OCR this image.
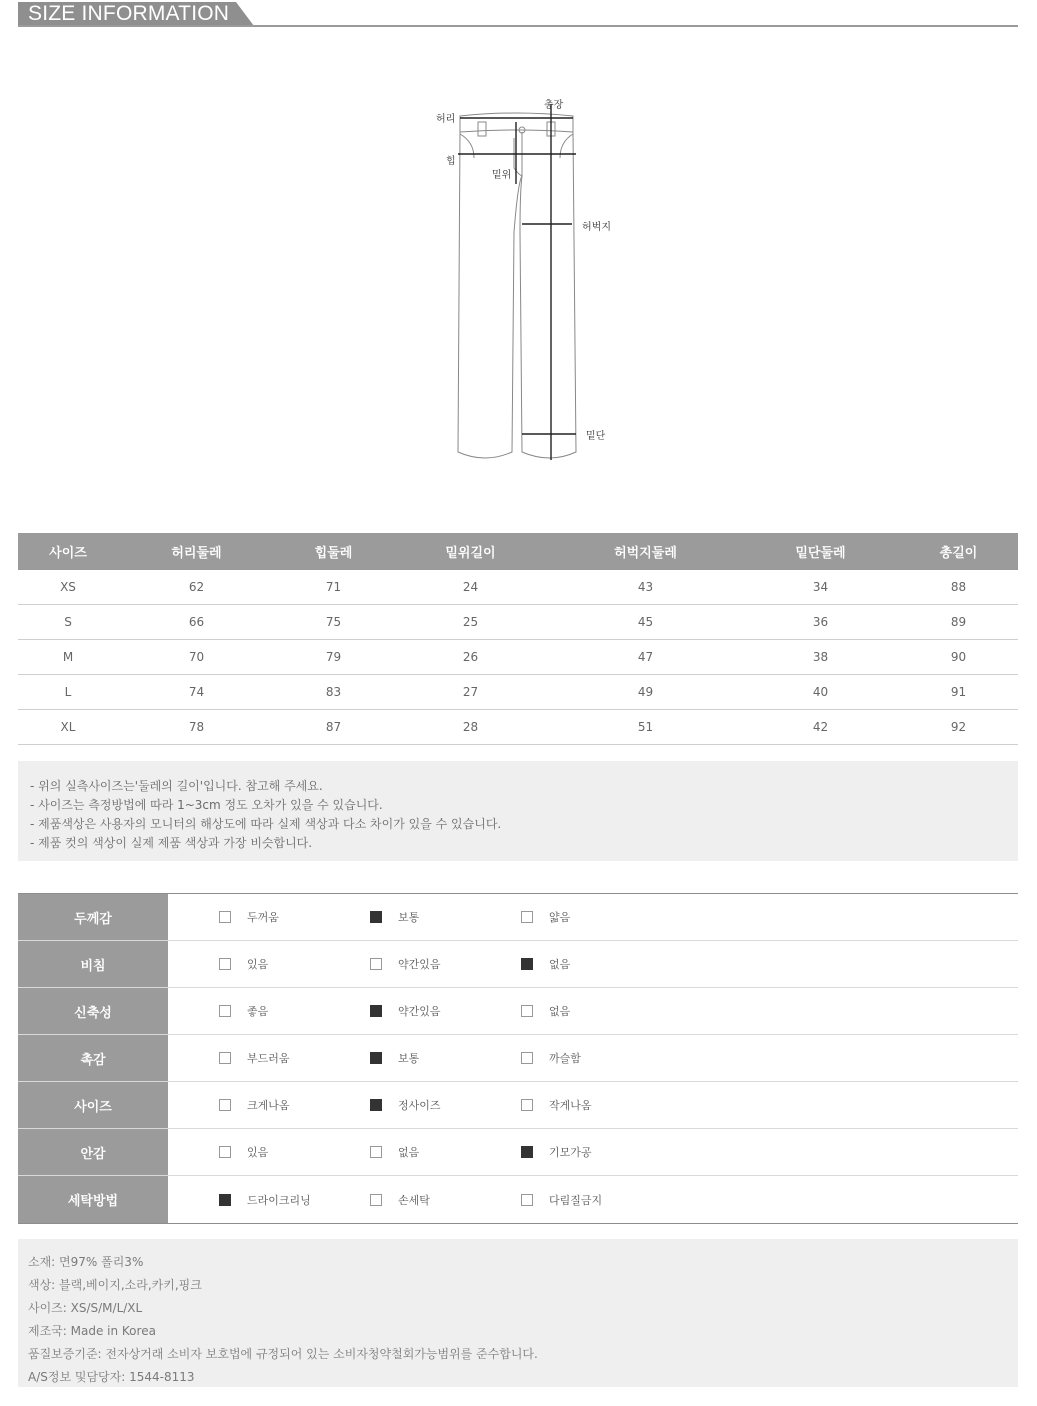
SIZE INFORMATION
총장
허리
힙
밑위
허벅지
밑단
사이즈	허리둘레	힙둘레	밑위길이	허벅지둘레	밑단둘레	총길이
XS	62	71	24	43	34	88
S	66	75	25	45	36	89
M	70	79	26	47	38	90
L	74	83	27	49	40	91
XL	78	87	28	51	42	92
- 위의 실측사이즈는'둘레의 길이'입니다. 참고해 주세요.
- 사이즈는 측정방법에 따라 1~3cm 정도 오차가 있을 수 있습니다.
- 제품색상은 사용자의 모니터의 해상도에 따라 실제 색상과 다소 차이가 있을 수 있습니다.
- 제품 컷의 색상이 실제 제품 색상과 가장 비슷합니다.
두께감	두꺼움	보통	얇음
비침	있음	약간있음	없음
신축성	좋음	약간있음	없음
촉감	부드러움	보통	까슬함
사이즈	크게나옴	정사이즈	작게나옴
안감	있음	없음	기모가공
세탁방법	드라이크리닝	손세탁	다림질금지
소재: 면97% 폴리3%
색상: 블랙,베이지,소라,카키,핑크
사이즈: XS/S/M/L/XL
제조국: Made in Korea
품질보증기준: 전자상거래 소비자 보호법에 규정되어 있는 소비자청약철회가능범위를 준수합니다.
A/S정보 및담당자: 1544-8113
